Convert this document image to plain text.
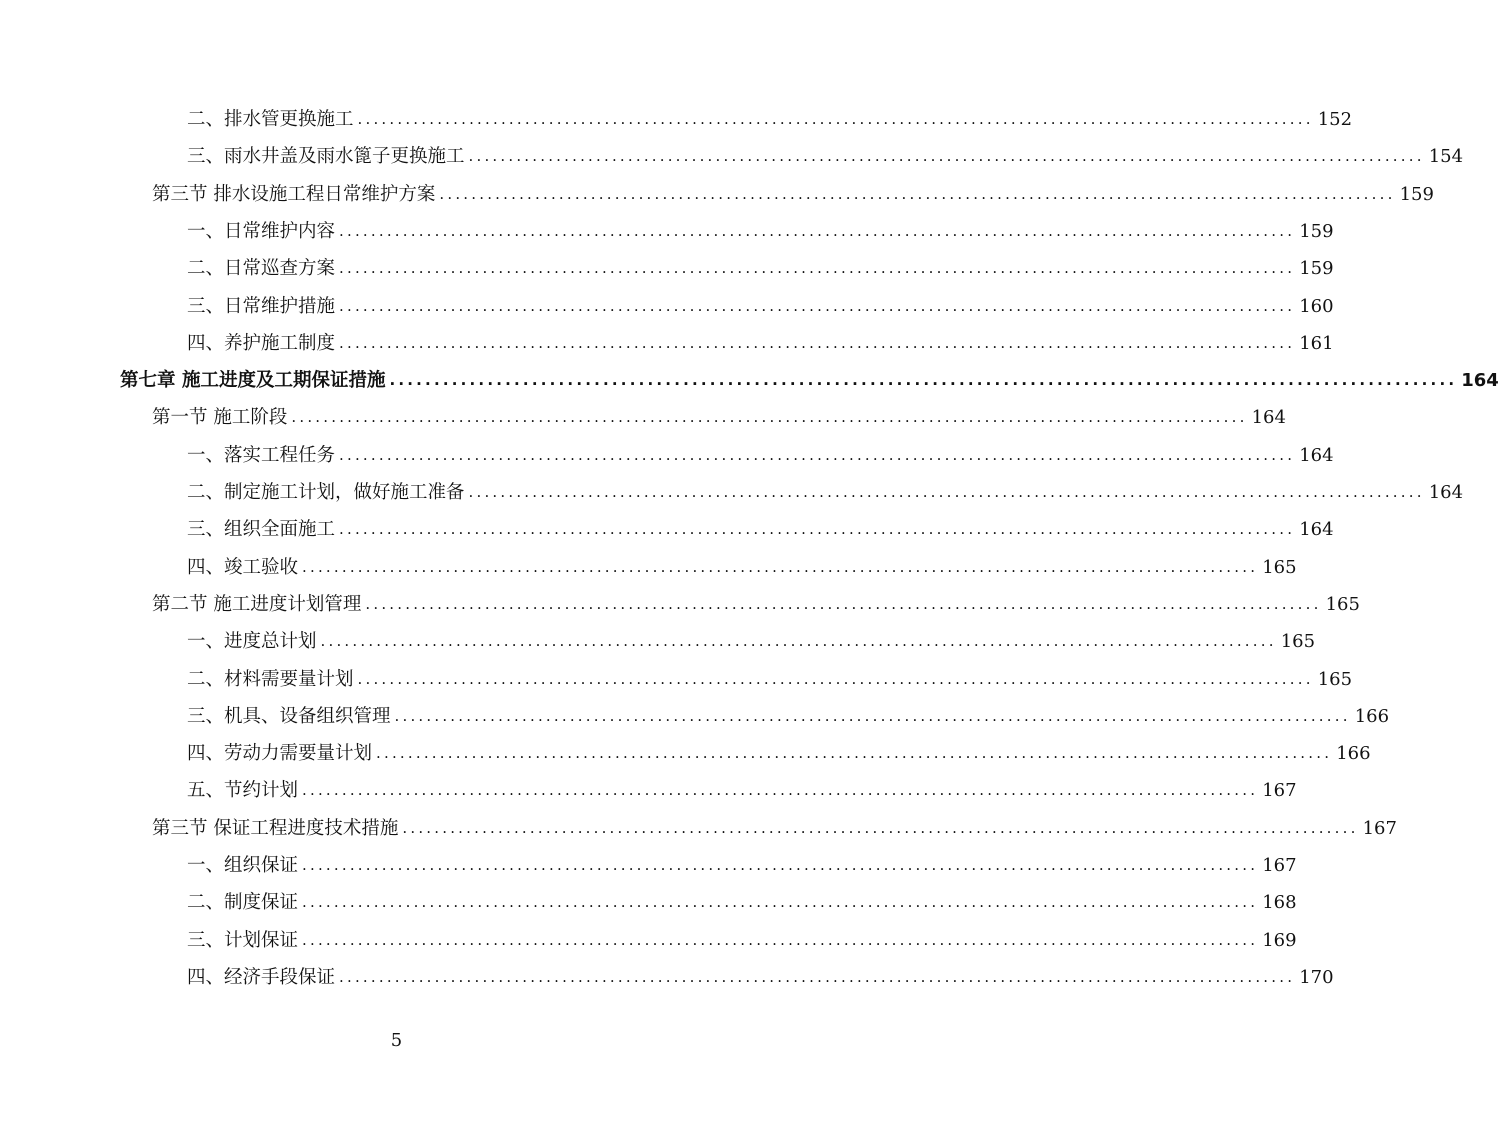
二、排水管更换施工 ........................................................................................................................ 152
三、雨水井盖及雨水篦子更换施工 ........................................................................................................................ 154
第三节 排水设施工程日常维护方案 ........................................................................................................................ 159
一、日常维护内容 ........................................................................................................................ 159
二、日常巡查方案 ........................................................................................................................ 159
三、日常维护措施 ........................................................................................................................ 160
四、养护施工制度 ........................................................................................................................ 161
第七章 施工进度及工期保证措施 ........................................................................................................................ 164
第一节 施工阶段 ........................................................................................................................ 164
一、落实工程任务 ........................................................................................................................ 164
二、制定施工计划，做好施工准备 ........................................................................................................................ 164
三、组织全面施工 ........................................................................................................................ 164
四、竣工验收 ........................................................................................................................ 165
第二节 施工进度计划管理 ........................................................................................................................ 165
一、进度总计划 ........................................................................................................................ 165
二、材料需要量计划 ........................................................................................................................ 165
三、机具、设备组织管理 ........................................................................................................................ 166
四、劳动力需要量计划 ........................................................................................................................ 166
五、节约计划 ........................................................................................................................ 167
第三节 保证工程进度技术措施 ........................................................................................................................ 167
一、组织保证 ........................................................................................................................ 167
二、制度保证 ........................................................................................................................ 168
三、计划保证 ........................................................................................................................ 169
四、经济手段保证 ........................................................................................................................ 170
5
